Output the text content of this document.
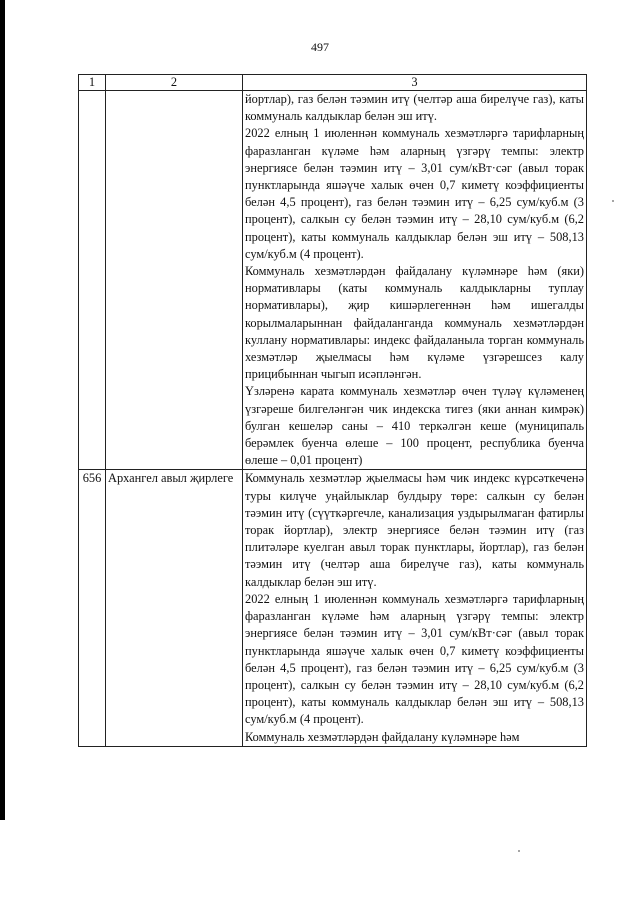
497
1	2	3

		йортлар), газ белән тәэмин итү (челтәр аша бирелүче газ), каты коммуналь калдыклар белән эш итү.

2022 елның 1 июленнән коммуналь хезмәтләргә тарифларның фаразланган күләме һәм аларның үзгәрү темпы: электр энергиясе белән тәэмин итү – 3,01 сум/кВт·сәг (авыл торак пунктларында яшәүче халык өчен 0,7 киметү коэффициенты белән 4,5 процент), газ белән тәэмин итү – 6,25 сум/куб.м (3 процент), салкын су белән тәэмин итү – 28,10 сум/куб.м (6,2 процент), каты коммуналь калдыклар белән эш итү – 508,13 сум/куб.м (4 процент).

Коммуналь хезмәтләрдән файдалану күләмнәре һәм (яки) нормативлары (каты коммуналь калдыкларны туплау нормативлары), җир кишәрлегеннән һәм ишегалды корылмаларыннан файдаланганда коммуналь хезмәтләрдән куллану нормативлары: индекс файдаланыла торган коммуналь хезмәтләр җыелмасы һәм күләме үзгәрешсез калу прицибыннан чыгып исәпләнгән.

Үзләренә карата коммуналь хезмәтләр өчен түләү күләменең үзгәреше билгеләнгән чик индекска тигез (яки аннан кимрәк) булган кешеләр саны – 410 теркәлгән кеше (муниципаль берәмлек буенча өлеше – 100 процент, республика буенча өлеше – 0,01 процент)

656	Архангел авыл җирлеге	Коммуналь хезмәтләр җыелмасы һәм чик индекс күрсәткеченә туры килүче уңайлыклар булдыру төре: салкын су белән тәэмин итү (сүүткәргечле, канализация уздырылмаган фатирлы торак йортлар), электр энергиясе белән тәэмин итү (газ плитәләре куелган авыл торак пунктлары, йортлар), газ белән тәэмин итү (челтәр аша бирелүче газ), каты коммуналь калдыклар белән эш итү.

2022 елның 1 июленнән коммуналь хезмәтләргә тарифларның фаразланган күләме һәм аларның үзгәрү темпы: электр энергиясе белән тәэмин итү – 3,01 сум/кВт·сәг (авыл торак пунктларында яшәүче халык өчен 0,7 киметү коэффициенты белән 4,5 процент), газ белән тәэмин итү – 6,25 сум/куб.м (3 процент), салкын су белән тәэмин итү – 28,10 сум/куб.м (6,2 процент), каты коммуналь калдыклар белән эш итү – 508,13 сум/куб.м (4 процент).

Коммуналь хезмәтләрдән файдалану күләмнәре һәм
